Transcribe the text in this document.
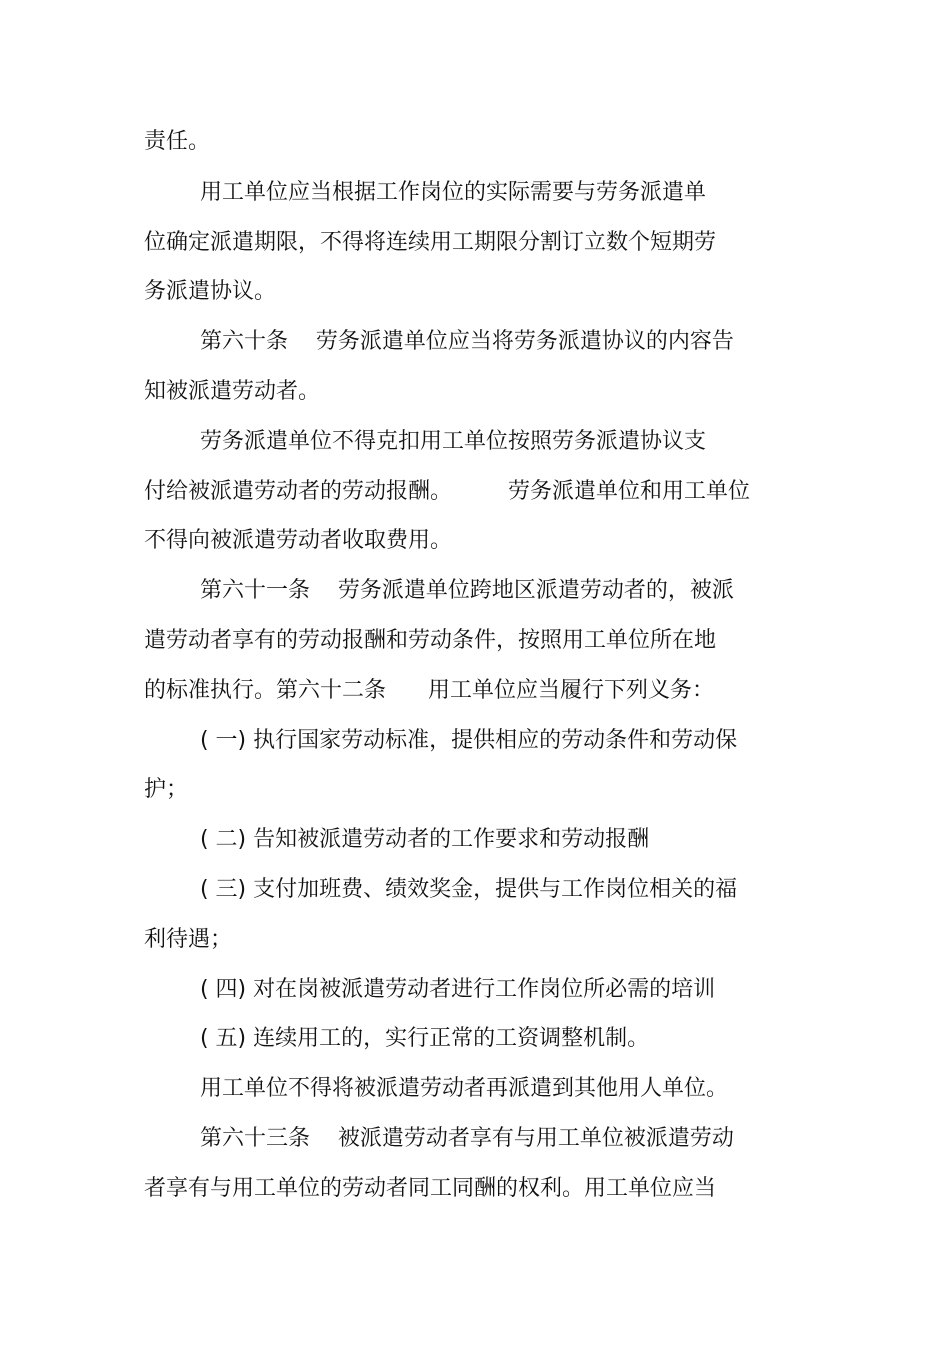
责任。

用工单位应当根据工作岗位的实际需要与劳务派遣单

位确定派遣期限，不得将连续用工期限分割订立数个短期劳

务派遣协议。

第六十条    劳务派遣单位应当将劳务派遣协议的内容告

知被派遣劳动者。

劳务派遣单位不得克扣用工单位按照劳务派遣协议支

付给被派遣劳动者的劳动报酬。        劳务派遣单位和用工单位

不得向被派遣劳动者收取费用。

第六十一条    劳务派遣单位跨地区派遣劳动者的，被派

遣劳动者享有的劳动报酬和劳动条件，按照用工单位所在地

的标准执行。第六十二条      用工单位应当履行下列义务：

( 一) 执行国家劳动标准，提供相应的劳动条件和劳动保

护；

( 二) 告知被派遣劳动者的工作要求和劳动报酬

( 三) 支付加班费、绩效奖金，提供与工作岗位相关的福

利待遇；

( 四) 对在岗被派遣劳动者进行工作岗位所必需的培训

( 五) 连续用工的，实行正常的工资调整机制。

用工单位不得将被派遣劳动者再派遣到其他用人单位。

第六十三条    被派遣劳动者享有与用工单位被派遣劳动

者享有与用工单位的劳动者同工同酬的权利。用工单位应当
